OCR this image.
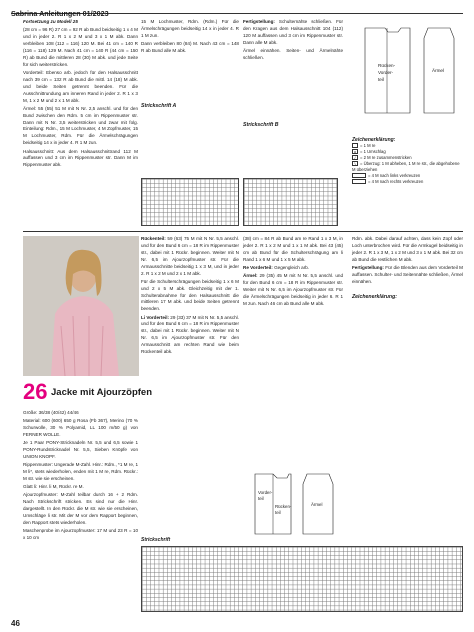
Sabrina Anleitungen 01/2023

Fortsetzung zu Modell 25

(28 cm = 96 R) 27 cm = 92 R ab Bund beidseitig 1 x 4 M und in jeder 2. R 1 x 2 M und 3 x 1 M abk. Dann verbleiben 108 (112 = 116) 120 M. Bei 41 cm = 140 R (116 = 118) 129 M. Nach 41 cm = 140 R (44 cm = 150 R) ab Bund die mittleren 28 (30) M abk. und jede Seite für sich weiterstricken.

Vorderteil: Ebenso arb. jedoch für den Halsausschnitt nach 39 cm = 132 R ab Bund die mittl. 14 (18) M abk. und beide Seiten getrennt beenden. Für die Ausschnittrundung am inneren Rand in jeder 2. R 1 x 3 M, 1 x 2 M und 2 x 1 M abk.

Ärmel: 55 (55) 51 M mit N Nr. 2,5 anschl. und für den Bund zwischen den Rdm. 5 cm im Rippenmuster str. Dann mit N Nr. 3,5 weiterstricken und zwar mit folg. Einteilung: Rdm., 15 M Lochmuster, 4 M Zopfmuster, 15 M Lochmuster, Rdm. Für die Ärmelschrägungen beidseitig 14 x in jeder 4. R 1 M zun.

Halsausschnitt: Aus dem Halsausschnittrand 112 M auffassen und 3 cm im Rippenmuster str. Dann M im Rippenmuster abk.

15 M Lochmuster, Rdm. (Rdm.) Für die Ärmelschrägungen beidseitig 14 x in jeder 4. R 1 M zun.

Dann verbleiben 80 (84) M. Nach 43 cm = 148 R ab Bund alle M abk.

Strickschrift A

Fertigstellung: Schulternähte schließen. Für den Kragen aus dem Halsausschnitt 104 (112) 120 M auffassen und 3 cm im Rippenmuster str. Dann alle M abk.

Ärmel einnähen. Seiten- und Ärmelnähte schließen.

Strickschrift B

Rücken-
Vorder-
teil
Ärmel
Zeichenerklärung:
= 1 M re
o = 1 Umschlag
/ = 2 M re zusammenstricken
\ = Überzug: 1 M abheben, 1 M re str., die abgehobene M überziehen
= 4 M nach links verkreuzen
= 4 M nach rechts verkreuzen
26 Jacke mit Ajourzöpfen

Größe: 36/38 (40/42) 44/46

Material: 600 (600) 650 g Rosa (Fb 367), Merino (70 % Schurwolle, 30 % Polyamid, LL 100 m/50 g) von FERNER WOLLE.

Je 1 Paar PONY-Stricknadeln Nr. 5,5 und 6,5 sowie 1 PONY-Rundstricknadel Nr. 5,5, Sieben Knöpfe von UNION KNOPF.

Rippenmuster: Ungerade M-Zahl. Hinr.: Rdm., *1 M re, 1 M li*, stets wiederholen, enden mit 1 M re, Rdm. Rückr.: M str. wie sie erscheinen.

Glatt li: Hinr. li M, Rückr. re M.

Ajourzopfmuster: M-Zahl teilbar durch 16 + 2 Rdm. Nach Strickschrift stricken. Es sind nur die Hinr. dargestellt. In den Rückr. die M str. wie sie erscheinen, Umschläge li str. Mit der M vor dem Rapport beginnen, den Rapport stets wiederholen.

Maschenprobe im Ajourzopfmuster: 17 M und 23 R = 10 x 10 cm

Rückenteil: 59 (63) 75 M mit N Nr. 5,5 anschl. und für den Bund 6 cm = 18 R im Rippenmuster str., dabei mit 1 Rückr. beginnen. Weiter mit N Nr. 6,5 im Ajourzopfmuster str. Für die Armausschnitte beidseitig 1 x 3 M, und in jeder 2. R 1 x 2 M und 2 x 1 M abk.

Für die Schulterschrägungen beidseitig 1 x 6 M und 2 x 5 M abk. Gleichzeitig mit der 1. Schulterabnahme für den Halsausschnitt die mittleren 17 M abk. und beide Seiten getrennt beenden.

Li Vorderteil: 29 (33) 37 M mit N Nr. 5,5 anschl. und für den Bund 6 cm = 18 R im Rippenmuster str., dabei mit 1 Rückr. beginnen. Weiter mit N Nr. 6,5 im Ajourzopfmuster str. Für den Armausschnitt am rechten Rand wie beim Rückenteil abk.

(38) cm = 84 R ab Bund am re Rand 1 x 3 M, in jeder 2. R 1 x 2 M und 1 x 1 M abk. Bei 43 (45) cm ab Bund für die Schulterschrägung am li Rand 1 x 6 M und 1 x 5 M abk.

Re Vorderteil: Gegengleich arb.

Ärmel: 29 (35) 45 M mit N Nr. 5,5 anschl. und für den Bund 6 cm = 18 R im Rippenmuster str. Weiter mit N Nr. 6,5 im Ajourzopfmuster str. Für die Ärmelschrägungen beidseitig in jeder 6. R 1 M zun. Nach 46 cm ab Bund alle M abk.

Vorder-
teil
Rücken-
teil
Ärmel

Rdm. abk. Dabei darauf achten, dass kein Zopf oder Loch unterbrochen wird. Für die Armkugel beidseitig in jeder 2. R 1 x 3 M, 1 x 2 M und 3 x 1 M abk. Bei 32 cm ab Bund die restlichen M abk.

Fertigstellung: Für die Blenden aus dem Vorderteil M auffassen. Schulter- und Seitennähte schließen, Ärmel einnähen.

Zeichenerklärung:

Strickschrift
46
